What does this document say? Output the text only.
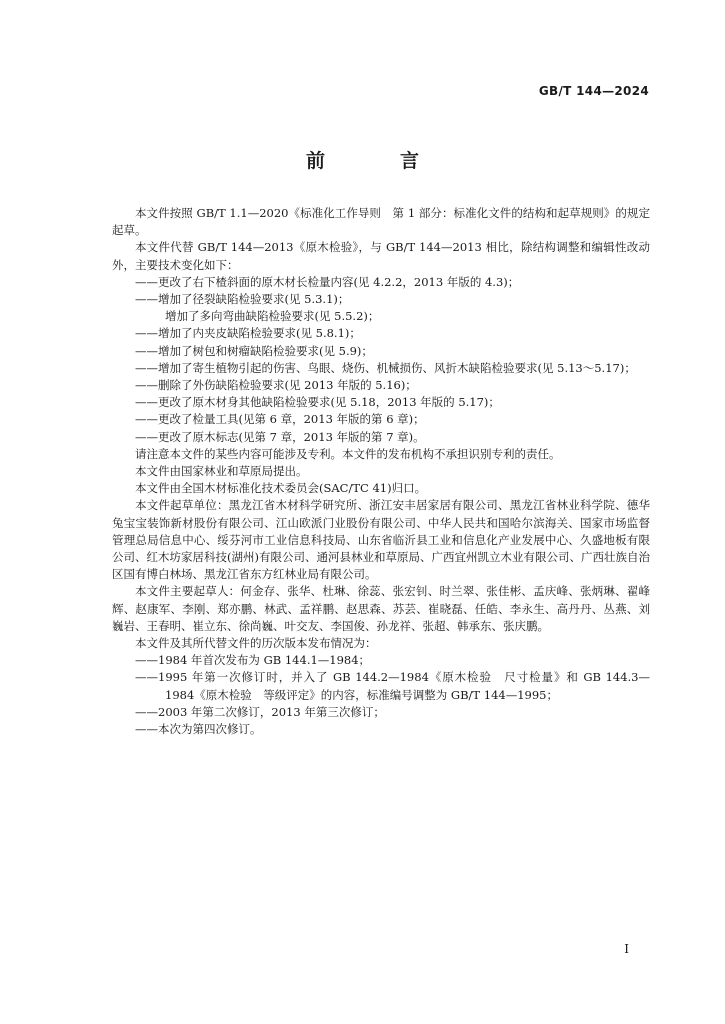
GB/T 144—2024
前　言

本文件按照 GB/T 1.1—2020《标准化工作导则　第 1 部分：标准化文件的结构和起草规则》的规定起草。

本文件代替 GB/T 144—2013《原木检验》，与 GB/T 144—2013 相比，除结构调整和编辑性改动外，主要技术变化如下：

——更改了右下楂斜面的原木材长检量内容(见 4.2.2，2013 年版的 4.3)；

——增加了径裂缺陷检验要求(见 5.3.1)；

增加了多向弯曲缺陷检验要求(见 5.5.2)；

——增加了内夹皮缺陷检验要求(见 5.8.1)；

——增加了树包和树瘤缺陷检验要求(见 5.9)；

——增加了寄生植物引起的伤害、鸟眼、烧伤、机械损伤、风折木缺陷检验要求(见 5.13～5.17)；

——删除了外伤缺陷检验要求(见 2013 年版的 5.16)；

——更改了原木材身其他缺陷检验要求(见 5.18，2013 年版的 5.17)；

——更改了检量工具(见第 6 章，2013 年版的第 6 章)；

——更改了原木标志(见第 7 章，2013 年版的第 7 章)。

请注意本文件的某些内容可能涉及专利。本文件的发布机构不承担识别专利的责任。

本文件由国家林业和草原局提出。

本文件由全国木材标准化技术委员会(SAC/TC 41)归口。

本文件起草单位：黑龙江省木材科学研究所、浙江安丰居家居有限公司、黑龙江省林业科学院、德华兔宝宝装饰新材股份有限公司、江山欧派门业股份有限公司、中华人民共和国哈尔滨海关、国家市场监督管理总局信息中心、绥芬河市工业信息科技局、山东省临沂县工业和信息化产业发展中心、久盛地板有限公司、红木坊家居科技(湖州)有限公司、通河县林业和草原局、广西宜州凯立木业有限公司、广西壮族自治区国有博白林场、黑龙江省东方红林业局有限公司。

本文件主要起草人：何金存、张华、杜琳、徐蕊、张宏钊、时兰翠、张佳彬、孟庆峰、张炳琳、翟峰辉、赵康军、李刚、郑亦鹏、林武、孟祥鹏、赵思森、苏芸、崔晓磊、任皓、李永生、高丹丹、丛燕、刘巍岩、王春明、崔立东、徐尚巍、叶交友、李国俊、孙龙祥、张超、韩承东、张庆鹏。

本文件及其所代替文件的历次版本发布情况为：

——1984 年首次发布为 GB 144.1—1984；

——1995 年第一次修订时，并入了 GB 144.2—1984《原木检验　尺寸检量》和 GB 144.3—1984《原木检验　等级评定》的内容，标准编号调整为 GB/T 144—1995；

——2003 年第二次修订，2013 年第三次修订；

——本次为第四次修订。

I
